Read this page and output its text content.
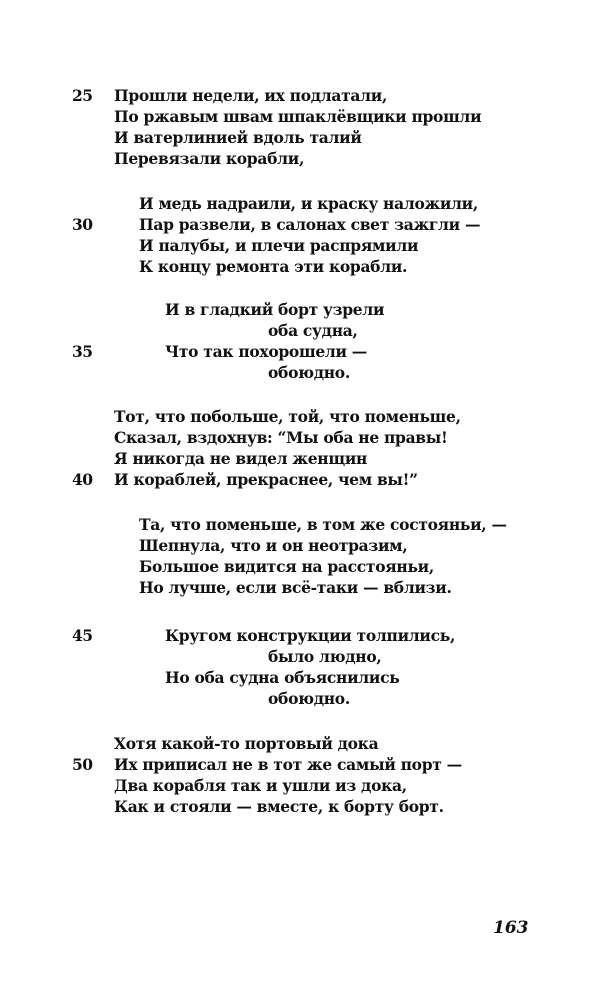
25 Прошли недели, их подлатали,
По ржавым швам шпаклёвщики прошли
И ватерлинией вдоль талий
Перевязали корабли,
И медь надраили, и краску наложили,
30	Пар развели, в салонах свет зажгли —
И палубы, и плечи распрямили
К концу ремонта эти корабли.
И в гладкий борт узрели
оба судна,
35	Что так похорошели —
обоюдно.
Тот, что побольше, той, что поменьше,
Сказал, вздохнув: “Мы оба не правы!
Я никогда не видел женщин
40 И кораблей, прекраснее, чем вы!”
Та, что поменьше, в том же состояньи, —
Шепнула, что и он неотразим,
Большое видится на расстояньи,
Но лучше, если всё-таки — вблизи.
45	Кругом конструкции толпились,
было людно,
Но оба судна объяснились
обоюдно.
Хотя какой-то портовый дока
50 Их приписал не в тот же самый порт —
Два корабля так и ушли из дока,
Как и стояли — вместе, к борту борт.
163
